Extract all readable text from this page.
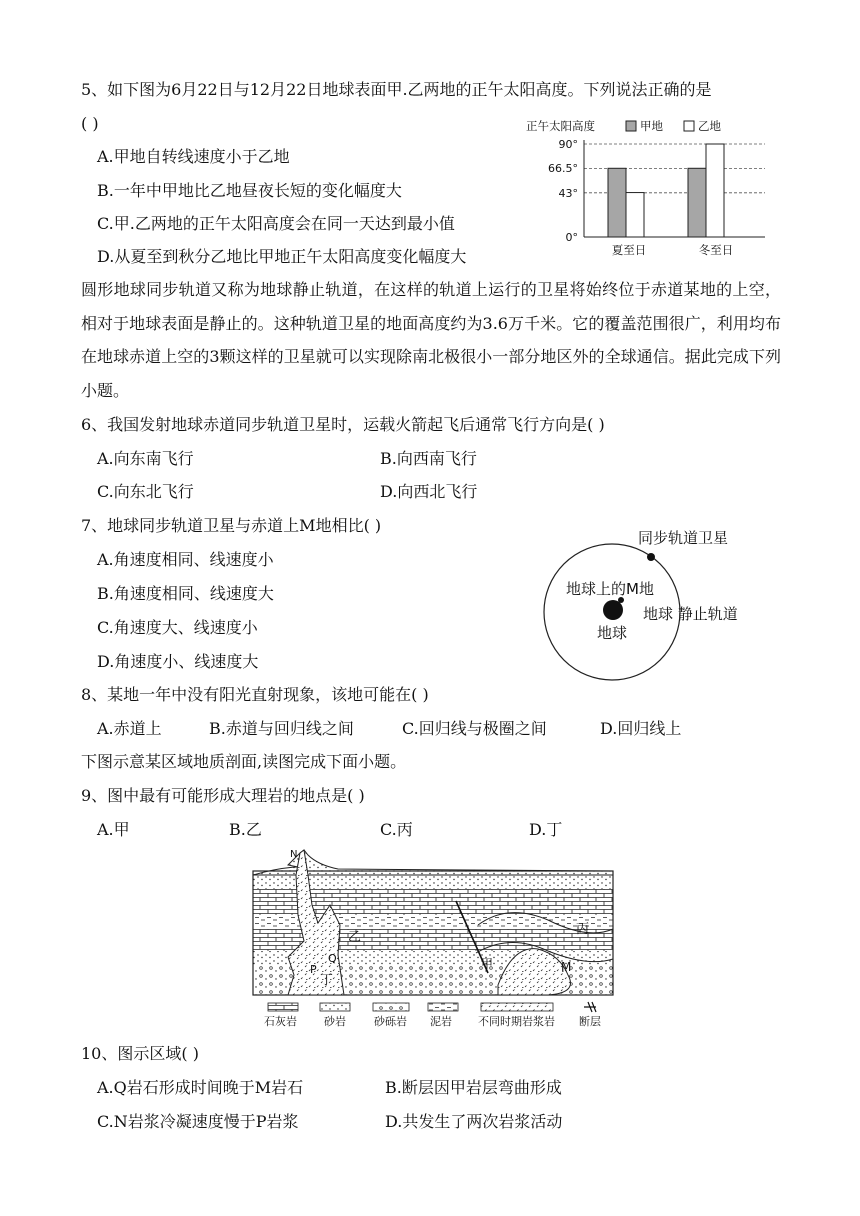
5、如下图为6月22日与12月22日地球表面甲.乙两地的正午太阳高度。下列说法正确的是
( )
A.甲地自转线速度小于乙地
B.一年中甲地比乙地昼夜长短的变化幅度大
C.甲.乙两地的正午太阳高度会在同一天达到最小值
D.从夏至到秋分乙地比甲地正午太阳高度变化幅度大
正午太阳高度	甲地	乙地
90°
66.5°
43°
0°
夏至日	冬至日
圆形地球同步轨道又称为地球静止轨道，在这样的轨道上运行的卫星将始终位于赤道某地的上空，相对于地球表面是静止的。这种轨道卫星的地面高度约为3.6万千米。它的覆盖范围很广，利用均布在地球赤道上空的3颗这样的卫星就可以实现除南北极很小一部分地区外的全球通信。据此完成下列小题。
6、我国发射地球赤道同步轨道卫星时，运载火箭起飞后通常飞行方向是( )
A.向东南飞行	B.向西南飞行
C.向东北飞行	D.向西北飞行
7、地球同步轨道卫星与赤道上M地相比( )
A.角速度相同、线速度小
B.角速度相同、线速度大
C.角速度大、线速度小
D.角速度小、线速度大
同步轨道卫星
地球上的M地
地球 静止轨道
地球
8、某地一年中没有阳光直射现象，该地可能在( )
A.赤道上	B.赤道与回归线之间	C.回归线与极圈之间	D.回归线上
下图示意某区域地质剖面,读图完成下面小题。
9、图中最有可能形成大理岩的地点是( )
A.甲	B.乙	C.丙	D.丁
N
乙
丙
甲
丁
Q
P	M
石灰岩 砂岩	砂砾岩 泥岩 不同时期岩浆岩 断层
10、图示区域( )
A.Q岩石形成时间晚于M岩石	B.断层因甲岩层弯曲形成
C.N岩浆冷凝速度慢于P岩浆	D.共发生了两次岩浆活动
